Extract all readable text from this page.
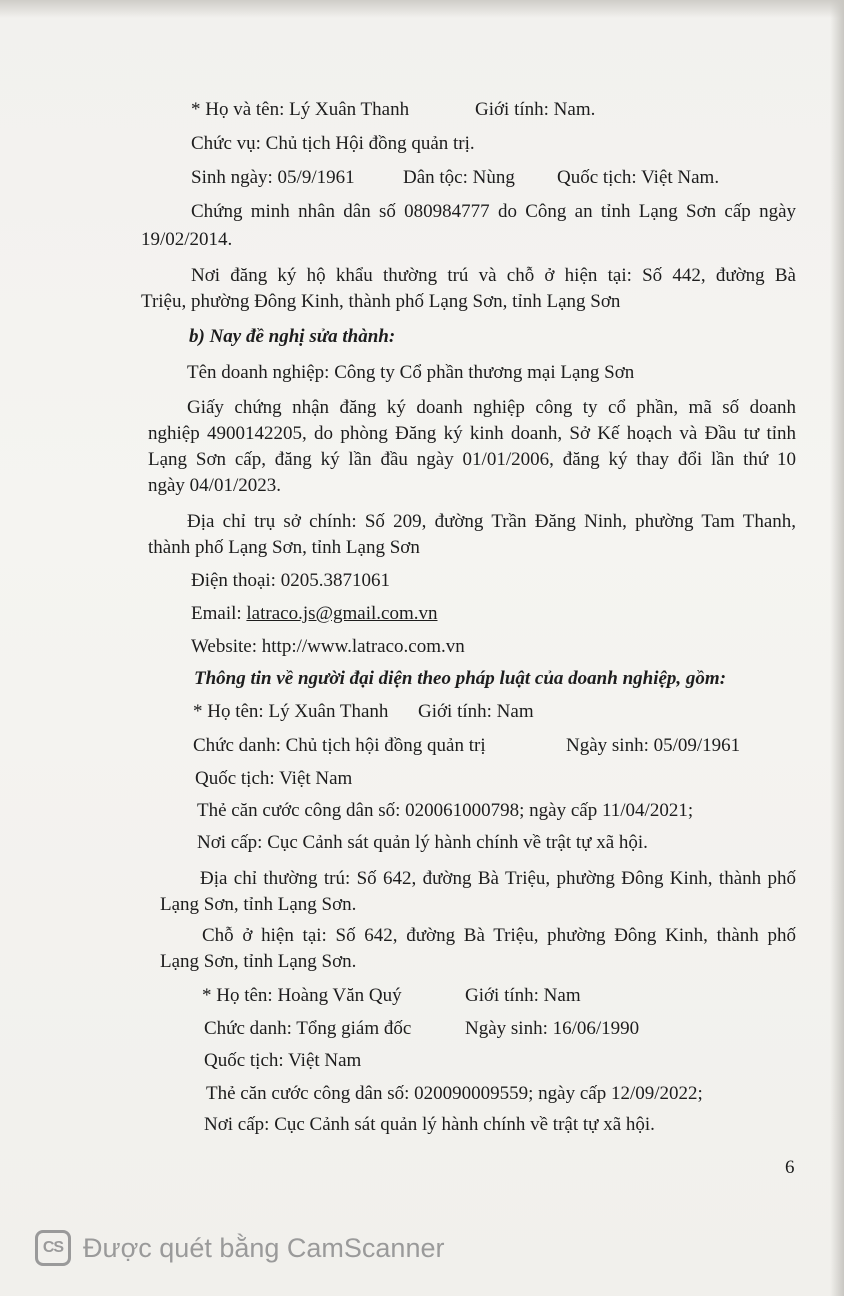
* Họ và tên: Lý Xuân Thanh	Giới tính: Nam.
Chức vụ: Chủ tịch Hội đồng quản trị.
Sinh ngày: 05/9/1961	Dân tộc: Nùng Quốc tịch: Việt Nam.
Chứng minh nhân dân số 080984777 do Công an tỉnh Lạng Sơn cấp ngày
19/02/2014.
Nơi đăng ký hộ khẩu thường trú và chỗ ở hiện tại: Số 442, đường Bà
Triệu, phường Đông Kinh, thành phố Lạng Sơn, tỉnh Lạng Sơn
b) Nay đề nghị sửa thành:
Tên doanh nghiệp: Công ty Cổ phần thương mại Lạng Sơn
Giấy chứng nhận đăng ký doanh nghiệp công ty cổ phần, mã số doanh
nghiệp 4900142205, do phòng Đăng ký kinh doanh, Sở Kế hoạch và Đầu tư tỉnh
Lạng Sơn cấp, đăng ký lần đầu ngày 01/01/2006, đăng ký thay đổi lần thứ 10
ngày 04/01/2023.
Địa chỉ trụ sở chính: Số 209, đường Trần Đăng Ninh, phường Tam Thanh,
thành phố Lạng Sơn, tỉnh Lạng Sơn
Điện thoại: 0205.3871061
Email: latraco.js@gmail.com.vn
Website: http://www.latraco.com.vn
Thông tin về người đại diện theo pháp luật của doanh nghiệp, gồm:
* Họ tên: Lý Xuân Thanh Giới tính: Nam
Chức danh: Chủ tịch hội đồng quản trị	Ngày sinh: 05/09/1961
Quốc tịch: Việt Nam
Thẻ căn cước công dân số: 020061000798; ngày cấp 11/04/2021;
Nơi cấp: Cục Cảnh sát quản lý hành chính về trật tự xã hội.
Địa chỉ thường trú: Số 642, đường Bà Triệu, phường Đông Kinh, thành phố
Lạng Sơn, tỉnh Lạng Sơn.
Chỗ ở hiện tại: Số 642, đường Bà Triệu, phường Đông Kinh, thành phố
Lạng Sơn, tỉnh Lạng Sơn.
* Họ tên: Hoàng Văn Quý	Giới tính: Nam
Chức danh: Tổng giám đốc	Ngày sinh: 16/06/1990
Quốc tịch: Việt Nam
Thẻ căn cước công dân số: 020090009559; ngày cấp 12/09/2022;
Nơi cấp: Cục Cảnh sát quản lý hành chính về trật tự xã hội.
6
CS Được quét bằng CamScanner
